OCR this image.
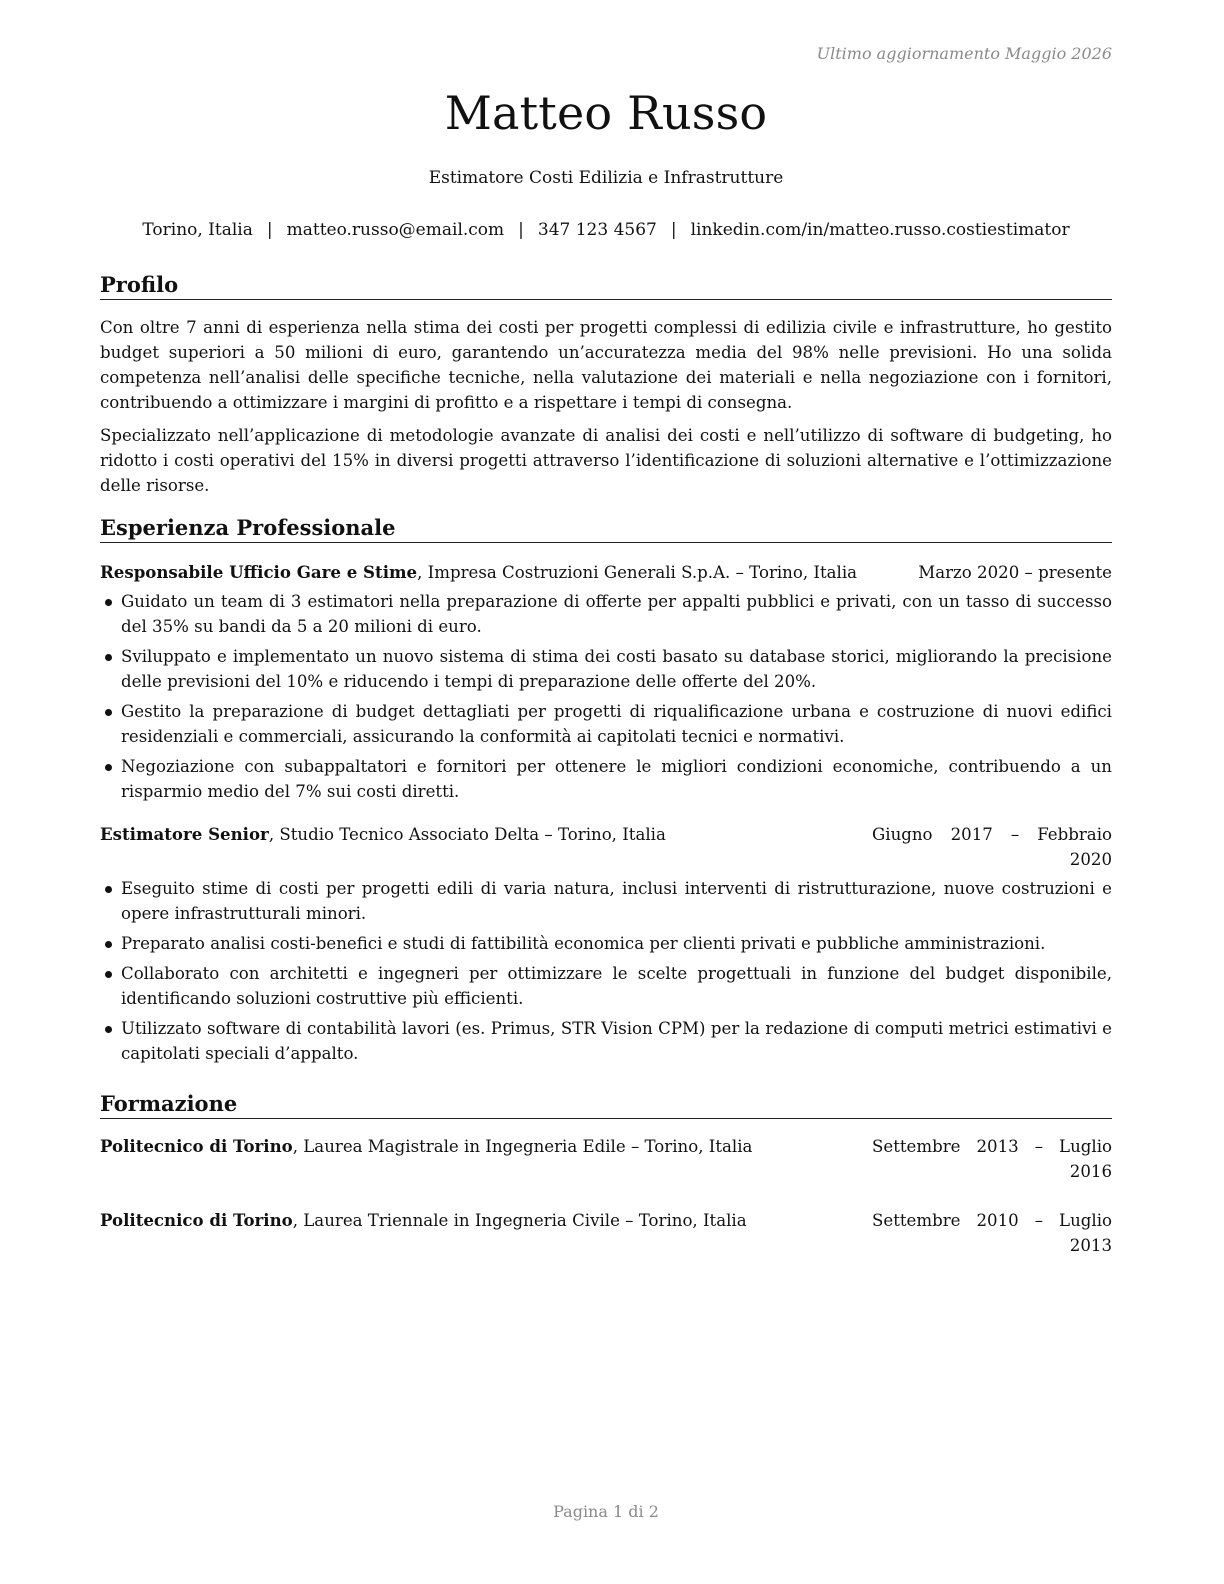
Ultimo aggiornamento Maggio 2026
Matteo Russo
Estimatore Costi Edilizia e Infrastrutture
Torino, Italia | matteo.russo@email.com | 347 123 4567 | linkedin.com/in/matteo.russo.costiestimator
Profilo

Con oltre 7 anni di esperienza nella stima dei costi per progetti complessi di edilizia civile e infrastrutture, ho gestito budget superiori a 50 milioni di euro, garantendo un’accuratezza media del 98% nelle previsioni. Ho una solida competenza nell’analisi delle specifiche tecniche, nella valutazione dei materiali e nella negoziazione con i fornitori, contribuendo a ottimizzare i margini di profitto e a rispettare i tempi di consegna.

Specializzato nell’applicazione di metodologie avanzate di analisi dei costi e nell’utilizzo di software di budgeting, ho ridotto i costi operativi del 15% in diversi progetti attraverso l’identificazione di soluzioni alternative e l’ottimizzazione delle risorse.

Esperienza Professionale
Responsabile Ufficio Gare e Stime, Impresa Costruzioni Generali S.p.A. – Torino, Italia	Marzo 2020 – presente
Guidato un team di 3 estimatori nella preparazione di offerte per appalti pubblici e privati, con un tasso di successo del 35% su bandi da 5 a 20 milioni di euro.
Sviluppato e implementato un nuovo sistema di stima dei costi basato su database storici, migliorando la precisione delle previsioni del 10% e riducendo i tempi di preparazione delle offerte del 20%.
Gestito la preparazione di budget dettagliati per progetti di riqualificazione urbana e costruzione di nuovi edifici residenziali e commerciali, assicurando la conformità ai capitolati tecnici e normativi.
Negoziazione con subappaltatori e fornitori per ottenere le migliori condizioni economiche, contribuendo a un risparmio medio del 7% sui costi diretti.
Estimatore Senior, Studio Tecnico Associato Delta – Torino, Italia	Giugno 2017 – Febbraio 2020
Eseguito stime di costi per progetti edili di varia natura, inclusi interventi di ristrutturazione, nuove costruzioni e opere infrastrutturali minori.
Preparato analisi costi-benefici e studi di fattibilità economica per clienti privati e pubbliche amministrazioni.
Collaborato con architetti e ingegneri per ottimizzare le scelte progettuali in funzione del budget disponibile, identificando soluzioni costruttive più efficienti.
Utilizzato software di contabilità lavori (es. Primus, STR Vision CPM) per la redazione di computi metrici estimativi e capitolati speciali d’appalto.
Formazione
Politecnico di Torino, Laurea Magistrale in Ingegneria Edile – Torino, Italia	Settembre 2013 – Luglio 2016
Politecnico di Torino, Laurea Triennale in Ingegneria Civile – Torino, Italia	Settembre 2010 – Luglio 2013
Pagina 1 di 2
